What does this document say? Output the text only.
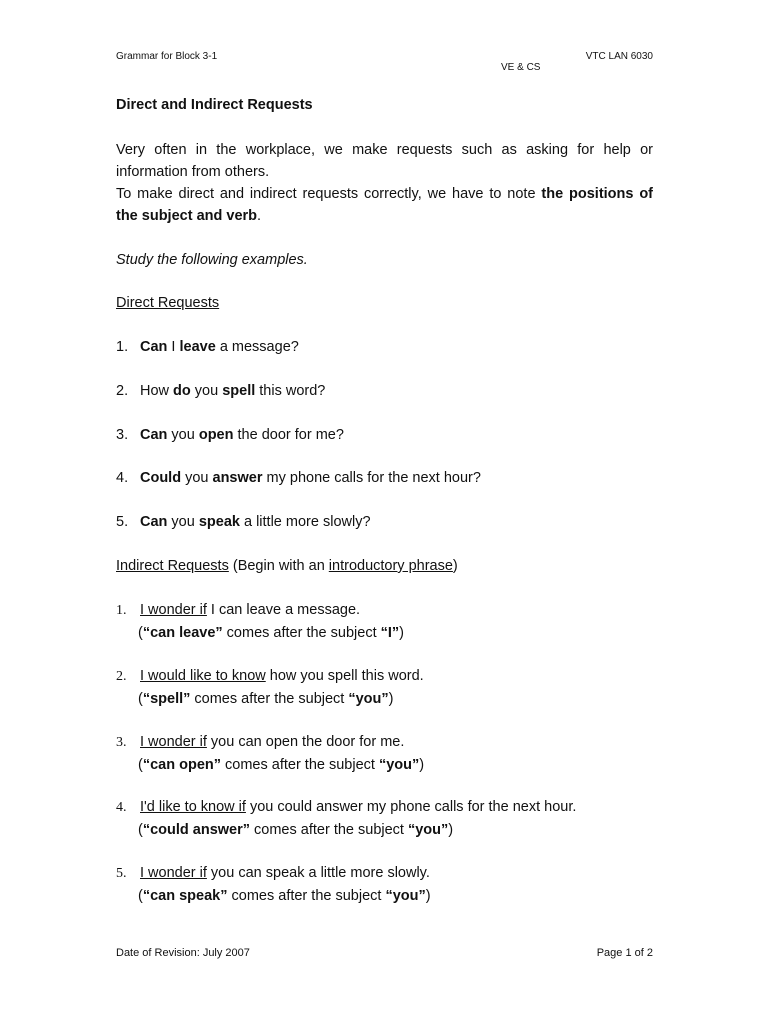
Grammar for Block 3-1	VTC LAN 6030
VE & CS
Direct and Indirect Requests
Very often in the workplace, we make requests such as asking for help or information from others.
To make direct and indirect requests correctly, we have to note the positions of the subject and verb.
Study the following examples.
Direct Requests
1. Can I leave a message?
2. How do you spell this word?
3. Can you open the door for me?
4. Could you answer my phone calls for the next hour?
5. Can you speak a little more slowly?
Indirect Requests (Begin with an introductory phrase)
1. I wonder if I can leave a message.
(“can leave” comes after the subject “I”)
2. I would like to know how you spell this word.
(“spell” comes after the subject “you”)
3. I wonder if you can open the door for me.
(“can open” comes after the subject “you”)
4. I'd like to know if you could answer my phone calls for the next hour.
(“could answer” comes after the subject “you”)
5. I wonder if you can speak a little more slowly.
(“can speak” comes after the subject “you”)
Date of Revision: July 2007	Page 1 of 2
